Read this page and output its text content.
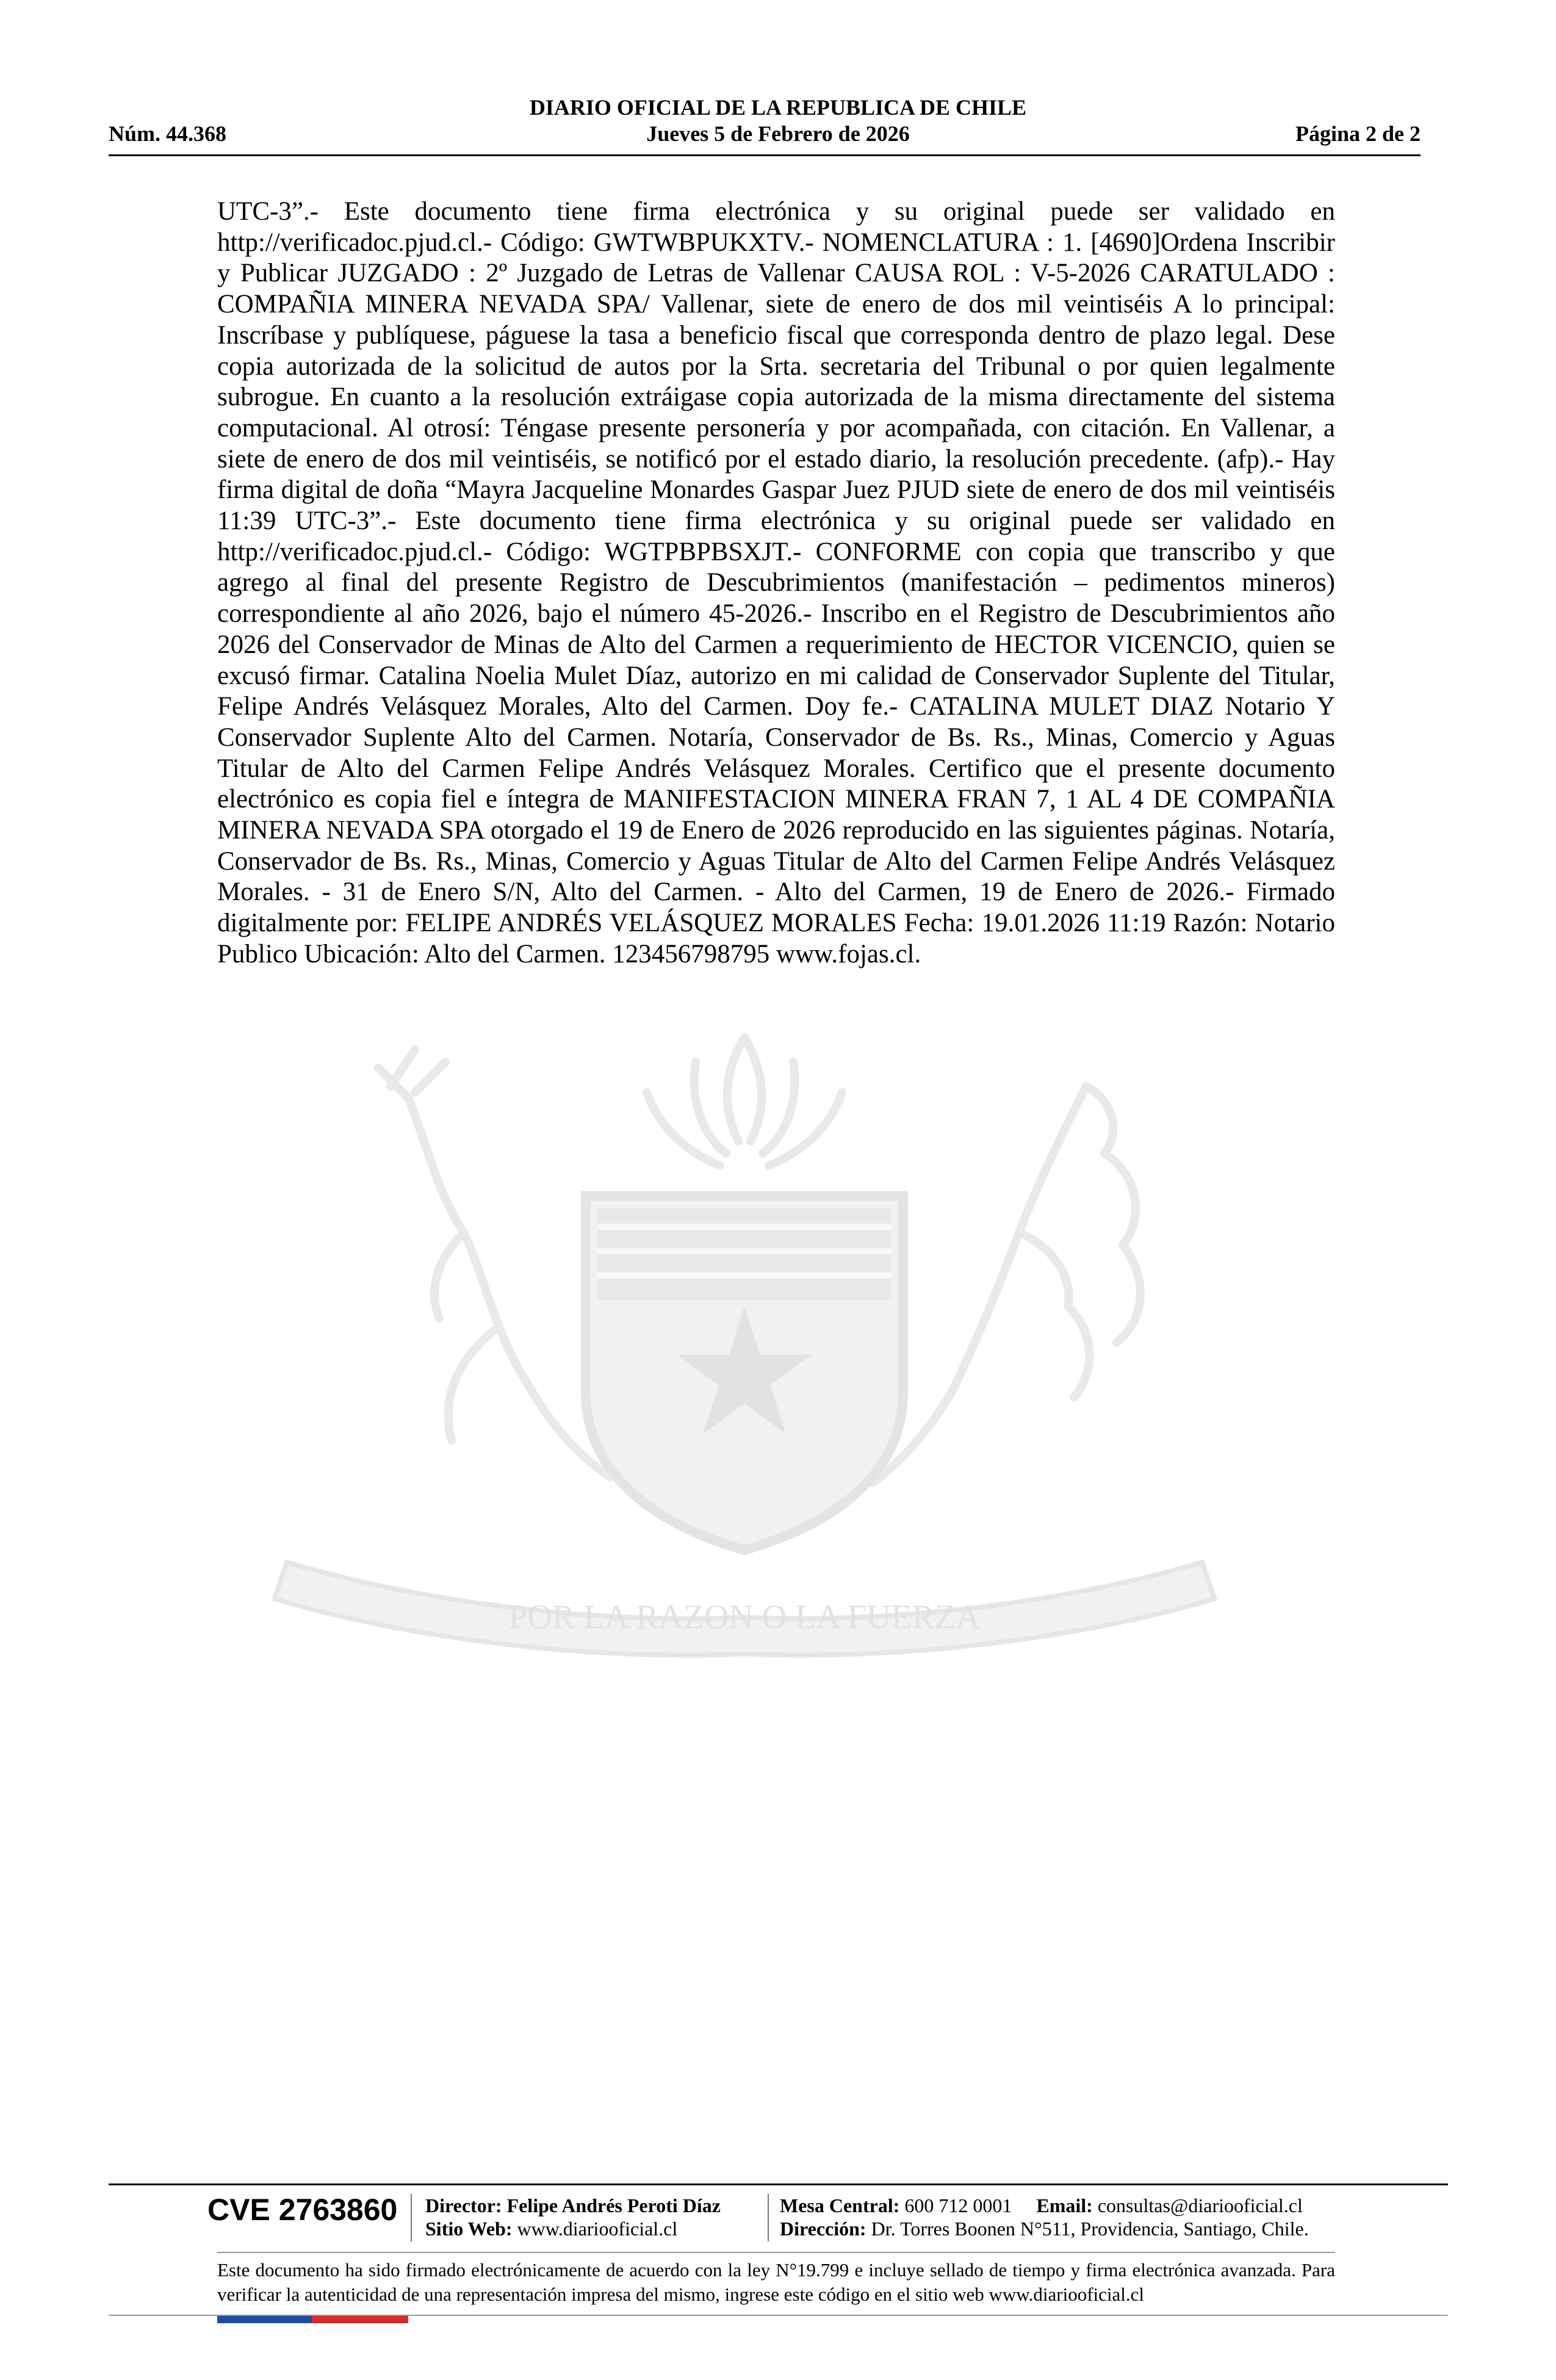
DIARIO OFICIAL DE LA REPUBLICA DE CHILE
Núm. 44.368	Jueves 5 de Febrero de 2026	Página 2 de 2
POR LA RAZON O LA FUERZA
UTC-3”.- Este documento tiene firma electrónica y su original puede ser validado en http://verificadoc.pjud.cl.- Código: GWTWBPUKXTV.- NOMENCLATURA : 1. [4690]Ordena Inscribir y Publicar JUZGADO : 2º Juzgado de Letras de Vallenar CAUSA ROL : V-5-2026 CARATULADO : COMPAÑIA MINERA NEVADA SPA/ Vallenar, siete de enero de dos mil veintiséis A lo principal: Inscríbase y publíquese, páguese la tasa a beneficio fiscal que corresponda dentro de plazo legal. Dese copia autorizada de la solicitud de autos por la Srta. secretaria del Tribunal o por quien legalmente subrogue. En cuanto a la resolución extráigase copia autorizada de la misma directamente del sistema computacional. Al otrosí: Téngase presente personería y por acompañada, con citación. En Vallenar, a siete de enero de dos mil veintiséis, se notificó por el estado diario, la resolución precedente. (afp).- Hay firma digital de doña “Mayra Jacqueline Monardes Gaspar Juez PJUD siete de enero de dos mil veintiséis 11:39 UTC-3”.- Este documento tiene firma electrónica y su original puede ser validado en http://verificadoc.pjud.cl.- Código: WGTPBPBSXJT.- CONFORME con copia que transcribo y que agrego al final del presente Registro de Descubrimientos (manifestación – pedimentos mineros) correspondiente al año 2026, bajo el número 45-2026.- Inscribo en el Registro de Descubrimientos año 2026 del Conservador de Minas de Alto del Carmen a requerimiento de HECTOR VICENCIO, quien se excusó firmar. Catalina Noelia Mulet Díaz, autorizo en mi calidad de Conservador Suplente del Titular, Felipe Andrés Velásquez Morales, Alto del Carmen. Doy fe.- CATALINA MULET DIAZ Notario Y Conservador Suplente Alto del Carmen. Notaría, Conservador de Bs. Rs., Minas, Comercio y Aguas Titular de Alto del Carmen Felipe Andrés Velásquez Morales. Certifico que el presente documento electrónico es copia fiel e íntegra de MANIFESTACION MINERA FRAN 7, 1 AL 4 DE COMPAÑIA MINERA NEVADA SPA otorgado el 19 de Enero de 2026 reproducido en las siguientes páginas. Notaría, Conservador de Bs. Rs., Minas, Comercio y Aguas Titular de Alto del Carmen Felipe Andrés Velásquez Morales. - 31 de Enero S/N, Alto del Carmen. - Alto del Carmen, 19 de Enero de 2026.- Firmado digitalmente por: FELIPE ANDRÉS VELÁSQUEZ MORALES Fecha: 19.01.2026 11:19 Razón: Notario Publico Ubicación: Alto del Carmen. 123456798795 www.fojas.cl.
CVE 2763860 Director: Felipe Andrés Peroti Díaz
Sitio Web: www.diariooficial.cl
Mesa Central: 600 712 0001 Email: consultas@diariooficial.cl
Dirección: Dr. Torres Boonen N°511, Providencia, Santiago, Chile.
Este documento ha sido firmado electrónicamente de acuerdo con la ley N°19.799 e incluye sellado de tiempo y firma electrónica avanzada. Para verificar la autenticidad de una representación impresa del mismo, ingrese este código en el sitio web www.diariooficial.cl
